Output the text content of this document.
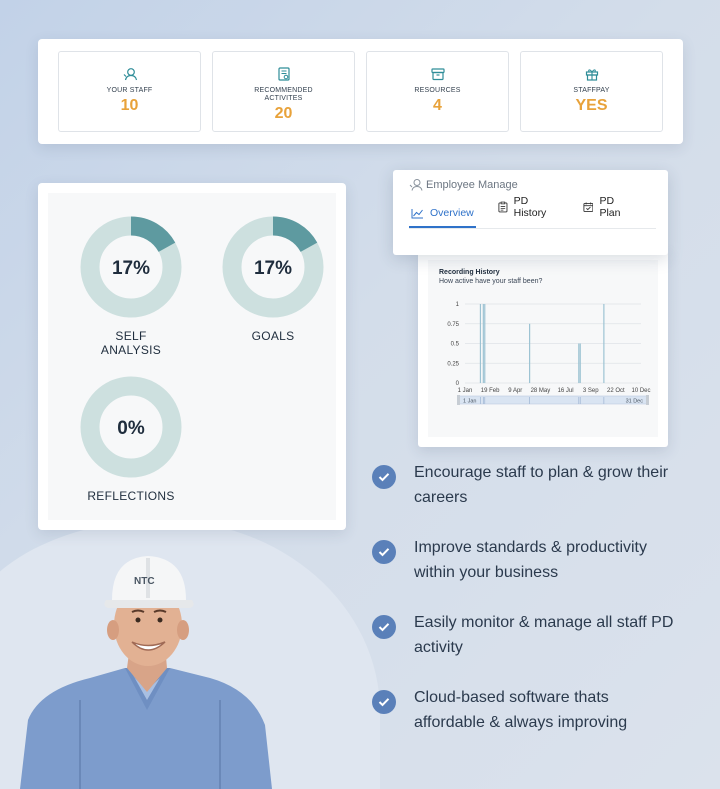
YOUR STAFF
10
RECOMMENDED ACTIVITES
20
RESOURCES
4
STAFFPAY
YES
17%
SELF ANALYSIS
17%
GOALS
0%
REFLECTIONS
Recording History
How active have your staff been?
0
0.25
0.5
0.75
1
1 Jan 19 Feb 9 Apr 28 May 16 Jul 3 Sep 22 Oct 10 Dec
1 Jan	31 Dec
Employee Manage
Overview
PD History
PD Plan
Encourage staff to plan & grow their careers
Improve standards & productivity within your business
Easily monitor & manage all staff PD activity
Cloud-based software thats affordable & always improving
NTC
